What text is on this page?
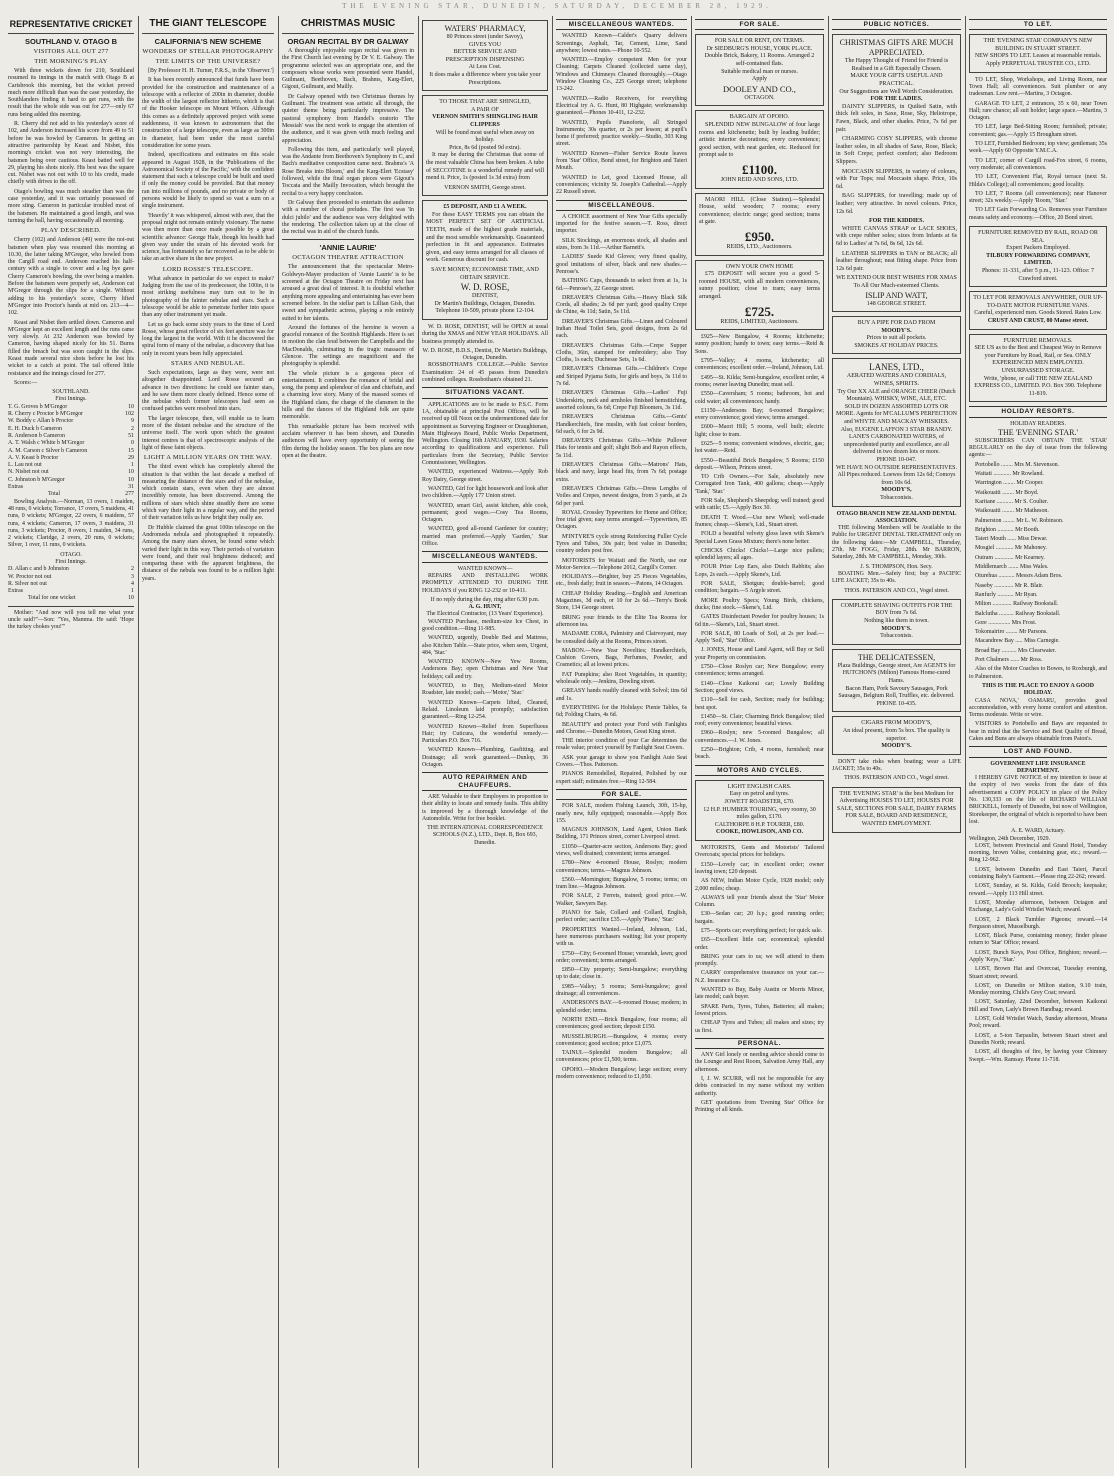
THE EVENING STAR, DUNEDIN, SATURDAY, DECEMBER 28, 1929.
REPRESENTATIVE CRICKET
SOUTHLAND V. OTAGO B
VISITORS ALL OUT 277
THE MORNING'S PLAY

With three wickets down for 210, Southland resumed its innings in the match with Otago B at Carisbrook this morning, but the wicket proved much more difficult than was the case yesterday, the Southlanders finding it hard to get runs, with the result that the whole side was out for 277—only 67 runs being added this morning.

R. Cherry did not add to his yesterday's score of 102, and Anderson increased his score from 49 to 51 before he was bowled by Cameron. In getting an attractive partnership by Keast and Nisbet, this morning's cricket was not very interesting, the batsmen being over cautious. Keast batted well for 29, playing his shots nicely. His best was the square cut. Nisbet was not out with 10 to his credit, made chiefly with drives to the off.

Otago's bowling was much steadier than was the case yesterday, and it was certainly possessed of more sting. Cameron in particular troubled most of the batsmen. He maintained a good length, and was turning the ball, having occasionally all morning.

PLAY DESCRIBED.

Cherry (102) and Anderson (49) were the not-out batsmen when play was resumed this morning at 10.30, the latter taking M'Gregor, who bowled from the Cargill road end. Anderson reached his half-century with a single to cover and a leg bye gave Cherry Cameron's bowling, the over being a maiden. Before the batsmen were properly set, Anderson cut M'Gregor through the slips for a single. Without adding to his yesterday's score, Cherry lifted M'Gregor into Proctor's hands at mid on. 213—4—102.

Keast and Nisbet then settled down. Cameron and M'Gregor kept an excellent length and the runs came very slowly. At 232 Anderson was bowled by Cameron, having shaped nicely for his 51. Burns filled the breach but was soon caught in the slips. Keast made several nice shots before he lost his wicket to a catch at point. The tail offered little resistance and the innings closed for 277.

Scores:—

SOUTHLAND.
First Innings.
T. G. Groves b M'Gregor	10
R. Cherry c Proctor b M'Gregor	102
W. Boddy c Allan b Proctor	9
E. H. Duck b Cameron	2
R. Anderson b Cameron	51
A. T. Walsh c White b M'Gregor	0
A. M. Carson c Silver b Cameron	15
A. V. Keast b Proctor	29
L. Lau not out	1
N. Nisbet not out	10
C. Johnston b M'Gregor	10
Extras	31
Total	277

Bowling Analysis.—Norman, 13 overs, 1 maiden, 48 runs, 0 wickets; Torrance, 17 overs, 5 maidens, 41 runs, 0 wickets; M'Gregor, 22 overs, 6 maidens, 57 runs, 4 wickets; Cameron, 17 overs, 3 maidens, 31 runs, 3 wickets; Proctor, 8 overs, 1 maiden, 34 runs, 2 wickets; Claridge, 2 overs, 20 runs, 0 wickets; Silver, 1 over, 11 runs, 0 wickets.

OTAGO.
First Innings.
D. Allan c and b Johnston	2
W. Proctor not out	3
R. Silver not out	4
Extras	1
Total for one wicket	10

Mother: "And now will you tell me what your uncle said?"—Son: "Yes, Mamma. He said: 'Hope the turkey chokes you!'"

THE GIANT TELESCOPE
CALIFORNIA'S NEW SCHEME
WONDERS OF STELLAR PHOTOGRAPHY
THE LIMITS OF THE UNIVERSE?

[By Professor H. H. Turner, F.R.S., in the 'Observer.']

It has been recently announced that funds have been provided for the construction and maintenance of a telescope with a reflector of 200in in diameter, double the width of the largest reflector hitherto, which is that of the Hooker telescope on Mount Wilson. Although this comes as a definitely approved project with some suddenness, it was known to astronomers that the construction of a large telescope, even as large as 300in in diameter, had been under the most careful consideration for some years.

Indeed, specifications and estimates on this scale appeared in August 1928, in the 'Publications of the Astronomical Society of the Pacific,' with the confident statement that such a telescope could be built and used if only the money could be provided. But that money ran into millions of pounds, and no private or body of persons would be likely to spend so vast a sum on a single instrument.

'Heavily' it was whispered, almost with awe, that the proposal might not remain entirely visionary. The name was then more than once made possible by a great scientific advance: George Hale, though his health had given way under the strain of his devoted work for science, has fortunately so far recovered as to be able to take an active share in the new project.

LORD ROSSE'S TELESCOPE.

What advance in particular do we expect to make? Judging from the use of its predecessor, the 100in, it is most striking usefulness may turn out to be in photography of the fainter nebulae and stars. Such a telescope would be able to penetrate further into space than any other instrument yet made.

Let us go back some sixty years to the time of Lord Rosse, whose great reflector of six feet aperture was for long the largest in the world. With it he discovered the spiral form of many of the nebulae, a discovery that has only in recent years been fully appreciated.

STARS AND NEBULAE.

Such expectations, large as they were, were not altogether disappointed. Lord Rosse secured an advance in two directions: he could see fainter stars, and he saw them more clearly defined. Hence some of the nebulae which former telescopes had seen as confused patches were resolved into stars.

The larger telescope, then, will enable us to learn more of the distant nebulae and the structure of the universe itself. The work upon which the greatest interest centres is that of spectroscopic analysis of the light of these faint objects.

LIGHT A MILLION YEARS ON THE WAY.

The third event which has completely altered the situation is that within the last decade a method of measuring the distance of the stars and of the nebulae, which contain stars, even when they are almost incredibly remote, has been discovered. Among the millions of stars which shine steadily there are some which vary their light in a regular way, and the period of their variation tells us how bright they really are.

Dr Hubble claimed the great 100in telescope on the Andromeda nebula and photographed it repeatedly. Among the many stars shown, he found some which varied their light in this way. Their periods of variation were found, and their real brightness deduced; and comparing these with the apparent brightness, the distance of the nebula was found to be a million light years.

CHRISTMAS MUSIC
ORGAN RECITAL BY DR GALWAY

A thoroughly enjoyable organ recital was given in the First Church last evening by Dr V. E. Galway. The programme selected was an appropriate one, and the composers whose works were presented were Handel, Guilmant, Beethoven, Bach, Brahms, Karg-Elert, Gigout, Guilmant, and Mailly.

Dr Galway opened with two Christmas themes by Guilmant. The treatment was artistic all through, the quieter theme being particularly impressive. The pastoral symphony from Handel's oratorio 'The Messiah' was the next work to engage the attention of the audience, and it was given with much feeling and appreciation.

Following this item, and particularly well played, was the Andante from Beethoven's Symphony in C, and Bach's meditative composition came next. Brahms's 'A Rose Breaks into Bloom,' and the Karg-Elert 'Ecstasy' followed, while the final organ pieces were Gigout's Toccata and the Mailly Invocation, which brought the recital to a very happy conclusion.

Dr Galway then proceeded to entertain the audience with a number of choral preludes. The first was 'In dulci jubilo' and the audience was very delighted with the rendering. The collection taken up at the close of the recital was in aid of the church funds.

'ANNIE LAURIE'
OCTAGON THEATRE ATTRACTION

The announcement that the spectacular Metro-Goldwyn-Mayer production of 'Annie Laurie' is to be screened at the Octagon Theatre on Friday next has aroused a great deal of interest. It is doubtful whether anything more appealing and entertaining has ever been screened before. In the stellar part is Lillian Gish, that sweet and sympathetic actress, playing a role entirely suited to her talents.

Around the fortunes of the heroine is woven a graceful romance of the Scottish Highlands. Here is set in motion the clan feud between the Campbells and the MacDonalds, culminating in the tragic massacre of Glencoe. The settings are magnificent and the photography is splendid.

The whole picture is a gorgeous piece of entertainment. It combines the romance of bridal and song, the pomp and splendour of clan and chieftain, and a charming love story. Many of the massed scenes of the Highland clans, the charge of the clansmen in the hills and the dances of the Highland folk are quite memorable.

This remarkable picture has been received with acclaim wherever it has been shown, and Dunedin audiences will have every opportunity of seeing the film during the holiday season. The box plans are now open at the theatre.

WATERS' PHARMACY,
80 Princes street (under Savoy),
GIVES YOU
BETTER SERVICE AND
PRESCRIPTION DISPENSING
At Less Cost.
It does make a difference where you take your Prescriptions.
TO THOSE THAT ARE SHINGLED,
A PAIR OF
VERNON SMITH'S SHINGLING HAIR CLIPPERS
Will be found most useful when away on holiday.
Price, 8s 6d (posted 9d extra).

It may be during the Christmas that some of the most valuable China has been broken. A tube of SECCOTINE is a wonderful remedy and will mend it. Price, 1s (posted 1s 3d extra) from

VERNON SMITH, George street.
£5 DEPOSIT, AND £1 A WEEK.

For these EASY TERMS you can obtain the MOST PERFECT SET OF ARTIFICIAL TEETH, made of the highest grade materials, and the most sensible workmanship. Guaranteed perfection in fit and appearance. Estimates given, and easy terms arranged for all classes of work. Generous discount for cash.

SAVE MONEY; ECONOMISE TIME, AND OBTAIN SERVICE.
W. D. ROSE,
DENTIST,
Dr Martin's Buildings, Octagon, Dunedin. Telephone 10-509, private phone 12-104.

W. D. ROSE, DENTIST, will be OPEN at usual during the XMAS and NEW YEAR HOLIDAYS. All business promptly attended to.

W. D. ROSE, B.D.S., Dentist, Dr Martin's Buildings, Octagon, Dunedin.

ROSSBOTHAM'S COLLEGE.—Public Service Examination: 24 of 45 passes from Dunedin's combined colleges. Rossbotham's obtained 21.

SITUATIONS VACANT.

APPLICATIONS are to be made to P.S.C. Form 1A, obtainable at principal Post Offices, will be received up till Noon on the undermentioned date for appointment as Surveying Engineer or Draughtsman, Main Highways Board, Public Works Department, Wellington. Closing 16th JANUARY, 1930. Salaries according to qualifications and experience. Full particulars from the Secretary, Public Service Commissioner, Wellington.

WANTED, experienced Waitress.—Apply Rob Roy Dairy, George street.

WANTED, Girl for light housework and look after two children.—Apply 177 Union street.

WANTED, smart Girl, assist kitchen, able cook, permanent; good wages.—Cosy Tea Rooms, Octagon.

WANTED, good all-round Gardener for country; married man preferred.—Apply 'Garden,' Star Office.

MISCELLANEOUS WANTEDS.
WANTED KNOWN—

REPAIRS AND INSTALLING WORK PROMPTLY ATTENDED TO DURING THE HOLIDAYS if you RING 12-232 or 10-411.

If no reply during the day, ring after 6.30 p.m.
A. G. HUNT,
The Electrical Contractor, (13 Years' Experience).

WANTED Purchase, medium-size Ice Chest, in good condition.—Ring 11-985.

WANTED, urgently, Double Bed and Mattress, also Kitchen Table.—State price, when seen, Urgent, 484, 'Star.'

WANTED KNOWN—New Yew Rooms, Andersons Bay; open Christmas and New Year holidays; call and try.

WANTED, to Buy, Medium-sized Motor Roadster, late model; cash.—'Motor,' 'Star.'

WANTED Known—Carpets lifted, Cleaned, Relaid. Linoleum laid promptly; satisfaction guaranteed.—Ring 12-254.

WANTED Known—Relief from Superfluous Hair; try Cuticura, the wonderful remedy.—Particulars P.O. Box 716.

WANTED Known—Plumbing, Gasfitting, and Drainage; all work guaranteed.—Dunlop, 36 Octagon.

AUTO REPAIRMEN AND CHAUFFEURS.

ARE Valuable to their Employers in proportion to their ability to locate and remedy faults. This ability is improved by a thorough knowledge of the Automobile. Write for free booklet.

THE INTERNATIONAL CORRESPONDENCE SCHOOLS (N.Z.), LTD., Dept. B, Box 693, Dunedin.
MISCELLANEOUS WANTEDS.

WANTED Known—Calder's Quarry delivers Screenings, Asphalt, Tar, Cement, Lime, Sand anywhere; lowest rates.—Phone 10-552.

WANTED.—Employ competent Men for your Cleaning; Carpets Cleaned (collected same day), Windows and Chimneys Cleaned thoroughly.—Otago Window Cleaning Co., 225 George street; telephone 13-242.

WANTED.—Radio Receivers, for everything Electrical try A. G. Hunt, 80 Highgate; workmanship guaranteed.—Phones 10-411, 12-232.

WANTED, Pupils Pianoforte, all Stringed Instruments; 30s quarter, or 2s per lesson; at pupil's home if preferred; practice weekly.—Studio, 303 King street.

WANTED Known—Fisher Service Route leaves from 'Star' Office, Bond street, for Brighton and Taieri Mouth.

WANTED to Let, good Licensed House, all conveniences; vicinity St. Joseph's Cathedral.—Apply 22 Russell street.

MISCELLANEOUS.

A CHOICE assortment of New Year Gifts specially imported for the festive season.—T. Ross, direct importer.

SILK Stockings, an enormous stock, all shades and sizes, from 3s 11d.—Arthur Barnett's.

LADIES' Suede Kid Gloves; very finest quality, good imitations of silver, black and new shades.—Penrose's.

BATHING Caps, thousands to select from at 1s, 1s 6d.—Penrose's, 22 George street.

DREAVER'S Christmas Gifts.—Heavy Black Silk Cords, all shades; 2s 6d per yard; good quality Crepe de Chine, 4s 11d; Satin, 5s 11d.

DREAVER'S Christmas Gifts.—Linen and Coloured Indian Head Toilet Sets, good designs, from 2s 6d each.

DREAVER'S Christmas Gifts.—Crepe Supper Cloths, 36in, stamped for embroidery; also Tray Cloths, 1s each; Duchesse Sets, 1s 6d.

DREAVER'S Christmas Gifts.—Children's Crepe and Striped Pyjama Suits, for girls and boys, 3s 11d to 7s 6d.

DREAVER'S Christmas Gifts.—Ladies' Fuji Underskirts, neck and armholes finished hemstitching, assorted colours, 6s 6d; Crepe Fuji Bloomers, 3s 11d.

DREAVER'S Christmas Gifts.—Gents' Handkerchiefs, fine muslin, with fast colour borders, 6d each, 6 for 2s 9d.

DREAVER'S Christmas Gifts.—White Pullover Hats for tennis and golf; slight Bob and Rayon effects, 5s 11d.

DREAVER'S Christmas Gifts.—Matrons' Hats, black and navy, large head fits, from 7s 6d; postage extra.

DREAVER'S Christmas Gifts.—Dress Lengths of Voiles and Crepes, newest designs, from 3 yards, at 2s 6d per yard.

ROYAL Crossley Typewriters for Home and Office; free trial given; easy terms arranged.—Typewriters, 85 Octagon.

M'INTYRE'S cycle strong Reinforcing Fuller Cycle Tyres and Tubes, 30s pair; best value in Dunedin; country orders post free.

MOTORISTS for Waitati and the North, use our Motor-Service.—Telephone 2012, Cargill's Corner.

HOLIDAYS.—Brighter, buy 25 Pieces Vegetables, etc., fresh daily; fruit in season.—Patons, 14 Octagon.

CHEAP Holiday Reading.—English and American Magazines, 3d each, or 10 for 2s 6d.—Terry's Book Store, 134 George street.

BRING your friends to the Elite Tea Rooms for afternoon tea.

MADAME CORA, Palmistry and Clairvoyant, may be consulted daily at the Rooms, Princes street.

MABON.—New Year Novelties; Handkerchiefs, Cushion Covers, Bags, Perfumes, Powder, and Cosmetics; all at lowest prices.

FAT Pumpkins; also Root Vegetables, in quantity; wholesale only.—Jenkins, Dowling street.

GREASY hands readily cleaned with Solvol; tins 6d and 1s.

EVERYTHING for the Holidays: Pienie Tables, 6s 6d; Folding Chairs, 4s 6d.

BEAUTIFY and protect your Ford with Fanlights and Chrome.—Dunedin Motors, Great King street.

THE interior condition of your Car determines the resale value; protect yourself by Fanlight Seat Covers.

ASK your garage to show you Fanlight Auto Seat Covers.—Thos. Patterson.

PIANOS Remodelled, Repaired, Polished by our expert staff; estimates free.—Ring 12-584.

FOR SALE.

FOR SALE, modern Fishing Launch, 30ft, 15-hp, nearly new, fully equipped; reasonable.—Apply Box 155.

MAGNUS JOHNSON, Land Agent, Union Bank Building, 171 Princes street, corner Liverpool street.

£1050—Quarter-acre section, Andersons Bay; good views, well drained; convenient; terms arranged.

£780—New 4-roomed House, Roslyn; modern conveniences; terms.—Magnus Johnson.

£560.—Mornington; Bungalow, 5 rooms; terms; on tram line.—Magnus Johnson.

FOR SALE, 2 Ferrets, trained; good price.—W. Walker, Sawyers Bay.

PIANO for Sale, Collard and Collard, English, perfect order; sacrifice £35.—Apply 'Piano,' 'Star.'

PROPERTIES Wanted.—Ireland, Johnson, Ltd., have numerous purchasers waiting; list your property with us.

£750—City; 6-roomed House; verandah, lawn; good order; convenient; terms arranged.

£850—City property; Semi-bungalow; everything up to date; close in.

£985—Valley; 5 rooms; Semi-bungalow; good drainage; all conveniences.

ANDERSON'S BAY.—6-roomed House; modern; in splendid order; terms.

NORTH END.—Brick Bungalow, four rooms; all conveniences; good section; deposit £150.

MUSSELBURGH.—Bungalow, 4 rooms; every convenience; good section; price £1,075.

TAINUI.—Splendid modern Bungalow; all conveniences; price £1,500; terms.

OPOHO.—Modern Bungalow; large section; every modern convenience; reduced to £1,050.

FOR SALE.
FOR SALE OR RENT, ON TERMS.
Dr SIEDBURG'S HOUSE, YORK PLACE.
Double Brick, Bakery, 11 Rooms. Arranged 2 self-contained flats.
Suitable medical man or nurses.
Apply
DOOLEY AND CO.,
OCTAGON.
BARGAIN AT OPOHO.

SPLENDID NEW BUNGALOW of four large rooms and kitchenette; built by leading builder; artistic interior decorations; every convenience; good section, with neat garden, etc. Reduced for prompt sale to

£1100.
JOHN REID AND SONS, LTD.

MAORI HILL (Close Station).—Splendid House, solid wooden; 7 rooms; every convenience; electric range; good section; trams at gate.

£950.
REIDS, LTD., Auctioneers.
OWN YOUR OWN HOME

£75 DEPOSIT will secure you a good 5-roomed HOUSE, with all modern conveniences, sunny position; close to tram; easy terms arranged.

£725.
REIDS, LIMITED, Auctioneers.

£925—New Bungalow, 4 Rooms; kitchenette; sunny position; handy to town; easy terms.—Reid & Sons.

£795—Valley; 4 rooms, kitchenette; all conveniences; excellent order.—Ireland, Johnson, Ltd.

£495—St. Kilda; Semi-bungalow, excellent order, 4 rooms; owner leaving Dunedin; must sell.

£550—Caversham; 5 rooms; bathroom, hot and cold water; all conveniences; handy.

£1150—Andersons Bay; 6-roomed Bungalow; every convenience; good views; terms arranged.

£600—Maori Hill; 5 rooms, well built; electric light; close to tram.

£625—5 rooms; convenient windows, electric, gas; hot water.—Reid.

£550—Beautiful Brick Bungalow, 5 Rooms; £150 deposit.—Wilson, Princes street.

TO Crib Owners.—For Sale, absolutely new Corrugated Iron Tank, 400 gallons; cheap.—Apply 'Tank,' 'Star.'

FOR Sale, Shepherd's Sheepdog; well trained; good with cattle; £5.—Apply Box 30.

DEATH T. Wood.—Use new Wheel; well-made frames; cheap.—Skene's, Ltd., Stuart street.

FOLD a beautiful velvety gloss lawn with Skene's Special Lawn Grass Mixture; there's none better.

CHICKS Chicks! Chicks!—Large nice pullets; splendid layers; all ages.

FOUR Prize Lop Ears, also Dutch Rabbits; also Lops, 2s each.—Apply Skene's, Ltd.

FOR SALE, Shotgun; double-barrel; good condition; bargain.—5 Argyle street.

MORE Poultry Specs; Young Birds, chickens, ducks; fine stock.—Skene's, Ltd.

GATES Disinfectant Powder for poultry houses; 1s 6d tin.—Skene's, Ltd., Stuart street.

FOR SALE, 80 Loads of Soil, at 2s per load.—Apply 'Soil,' 'Star' Office.

J. JONES, House and Land Agent, will Buy or Sell your Property on commission.

£750—Close Roslyn car; New Bungalow; every convenience; terms arranged.

£140—Close Kaikorai car; Lovely Building Section; good views.

£110—Sell for cash, Section; ready for building; best spot.

£1450—St. Clair; Charming Brick Bungalow; tiled roof; every convenience; beautiful views.

£960—Roslyn; new 5-roomed Bungalow; all conveniences.—J. W. Jones.

£250—Brighton; Crib, 4 rooms, furnished; near beach.

MOTORS AND CYCLES.
LIGHT ENGLISH CARS.
Easy on petrol and tyres.
JOWETT ROADSTER, £70.
12 H.P. HUMBER TOURING, very roomy, 30 miles gallon, £170.
CALTHORPE 8 H.P. TOURER, £80.
COOKE, HOWLISON, AND CO.

MOTORISTS, Gents and Motorists' Tailored Overcoats; special prices for holidays.

£150—Lovely car; in excellent order; owner leaving town; £20 deposit.

AS NEW, Indian Motor Cycle, 1928 model; only 2,000 miles; cheap.

ALWAYS tell your friends about the 'Star' Motor Column.

£30—Sedan car; 20 h.p.; good running order; bargain.

£75—Sports car; everything perfect; for quick sale.

£65—Excellent little car; economical; splendid order.

BRING your cars to us; we will attend to them promptly.

CARRY comprehensive insurance on your car.—N.Z. Insurance Co.

WANTED to Buy, Baby Austin or Morris Minor, late model; cash buyer.

SPARE Parts, Tyres, Tubes, Batteries; all makes; lowest prices.

CHEAP Tyres and Tubes; all makes and sizes; try us first.

PERSONAL.

ANY Girl lonely or needing advice should come to the Lounge and Rest Room, Salvation Army Hall, any afternoon.

I, J. W. SCURR, will not be responsible for any debts contracted in my name without my written authority.

GET quotations from 'Evening Star' Office for Printing of all kinds.

PUBLIC NOTICES.
CHRISTMAS GIFTS ARE MUCH APPRECIATED.
The Happy Thought of Friend for Friend is Realised in a Gift Especially Chosen.
MAKE YOUR GIFTS USEFUL AND PRACTICAL.
Our Suggestions are Well Worth Consideration.
FOR THE LADIES.

DAINTY SLIPPERS, in Quilted Satin, with thick felt soles, in Saxe, Rose, Sky, Heliotrope, Fawn, Black, and other shades. Price, 7s 6d per pair.

CHARMING COSY SLIPPERS, with chrome leather soles, in all shades of Saxe, Rose, Black; in Soft Crepe; perfect comfort; also Bedroom Slippers.

MOCCASIN SLIPPERS, in variety of colours, with Fur Tops; real Moccasin shape. Price, 10s 6d.

BAG SLIPPERS, for travelling; made up of leather; very attractive. In novel colours. Price, 12s 6d.

FOR THE KIDDIES.

WHITE CANVAS STRAP or LACE SHOES, with crepe rubber soles; sizes from Infants at 6s 6d to Ladies' at 7s 6d, 8s 6d, 12s 6d.

LEATHER SLIPPERS in TAN or BLACK; all leather throughout; neat fitting shape. Price from 12s 6d pair.

WE EXTEND OUR BEST WISHES FOR XMAS
To All Our Much-esteemed Clients.
ISLIP AND WATT,
148 GEORGE STREET.
BUY A PIPE FOR DAD FROM
MOODY'S.
Prices to suit all pockets.
SMOKES AT HOLIDAY PRICES.
LANES, LTD.,
AERATED WATERS AND CORDIALS, WINES, SPIRITS.
Try Our XX ALE and ORANGE CHEER (Dutch Mountain). WHISKY, WINE, ALE, ETC.
SOLD IN DOZEN ASSORTED LOTS OR MORE. Agents for M'CALLUM'S PERFECTION and WHYTE AND MACKAY WHISKIES.
Also, EUGENE LAFFON 3 STAR BRANDY.
LANE'S CARBONATED WATERS, of unprecedented purity and excellence, are all delivered in two dozen lots or more.
PHONE 10-047.
WE HAVE NO OUTSIDE REPRESENTATIVES.
All Pipes reduced. Loewes from 12s 6d; Comoys from 10s 6d.
MOODY'S,
Tobacconists.
OTAGO BRANCH NEW ZEALAND DENTAL ASSOCIATION.

THE following Members will be Available to the Public for URGENT DENTAL TREATMENT only on the following dates:—Mr CAMPBELL, Thursday, 27th. Mr FOGG, Friday, 28th. Mr BARRON, Saturday, 28th. Mr CAMPBELL, Monday, 30th.

J. S. THOMPSON, Hon. Secy.

BOATING Men.—Safety first; buy a PACIFIC LIFE JACKET; 35s to 40s.

THOS. PATERSON AND CO., Vogel street.
COMPLETE SHAVING OUTFITS FOR THE BOY from 7s 6d.
Nothing like them in town.
MOODY'S.
Tobacconists.
THE DELICATESSEN,
Plaza Buildings, George street, Are AGENTS for HUTCHON'S (Milton) Famous Home-cured Hams.
Bacon Ham, Pork Savoury Sausages, Pork Sausages, Belgium Roll, Truffles, etc. delivered. PHONE 10-435.
CIGARS FROM MOODY'S,
An ideal present, from 5s box. The quality is superior.
MOODY'S.

DON'T take risks when boating; wear a LIFE JACKET; 35s to 40s.

THOS. PATERSON AND CO., Vogel street.
THE 'EVENING STAR' is the best Medium for Advertising HOUSES TO LET, HOUSES FOR SALE, SECTIONS FOR SALE, DAIRY FARMS FOR SALE, BOARD AND RESIDENCE, WANTED EMPLOYMENT.
TO LET.
THE 'EVENING STAR' COMPANY'S NEW BUILDING IN STUART STREET.
NEW SHOPS TO LET. Leases at reasonable rentals.
Apply PERPETUAL TRUSTEE CO., LTD.

TO LET, Shop, Workshops, and Living Room, near Town Hall; all conveniences. Suit plumber or any tradesman. Low rent.—Martins, 3 Octagon.

GARAGE TO LET, 2 entrances, 35 x 60, near Town Hall; rare chance; all suit holder; large space.—Martins, 3 Octagon.

TO LET, large Bed-Sitting Room; furnished; private; convenient; gas.—Apply 15 Brougham street.

TO LET, Furnished Bedroom; top view; gentleman; 35s week.—Apply 60 Opposite Y.M.C.A.

TO LET, corner of Cargill road-Fox street, 6 rooms, very moderate; all conveniences.

TO LET, Convenient Flat, Royal terrace (next St. Hilda's College); all conveniences; good locality.

TO LET, 7 Rooms (all conveniences); near Hanover street; 32s weekly.—Apply 'Room,' 'Star.'

TO LET Gain Forwarding Co. Removes your Furniture means safety and economy.—Office, 20 Bond street.

FURNITURE REMOVED BY RAIL, ROAD OR SEA.
Expert Packers Employed.
TILBURY FORWARDING COMPANY, LIMITED.
Phones: 11-331, after 5 p.m., 11-123. Office: 7 Crawford street.
TO LET FOR REMOVALS ANYWHERE, OUR UP-TO-DATE MOTOR FURNITURE VANS.
Careful, experienced men. Goods Stored. Rates Low.
CRUST AND CRUST, 80 Manse street.
FURNITURE REMOVALS.
SEE US as to the Best and Cheapest Way to Remove your Furniture by Road, Rail, or Sea. ONLY EXPERIENCED MEN EMPLOYED. UNSURPASSED STORAGE.
Write, 'phone, or call THE NEW ZEALAND EXPRESS CO., LIMITED. P.O. Box 390. Telephone 11-819.
HOLIDAY RESORTS.
HOLIDAY READERS.
THE 'EVENING STAR.'

SUBSCRIBERS CAN OBTAIN THE 'STAR' REGULARLY on the day of issue from the following agents:—

Portobello ........ Mrs M. Stevenson.

Waitati ............ Mr Rowland.

Warrington ........ Mr Cooper.

Waikouaiti ........ Mr Boyd.

Karitane ........... Mr S. Coulter.

Waikouaiti ........ Mr Matheson.

Palmerston ........ Mr L. W. Robinson.

Brighton ........... Mr Booth.

Taieri Mouth ...... Miss Dewar.

Mosgiel ............ Mr Mahoney.

Outram ............. Mr Kearney.

Middlemarch ....... Miss Wales.

Oturehua ........... Messrs Adam Bros.

Naseby ............. Mr R. Blair.

Ranfurly ........... Mr Ryan.

Milton ............. Railway Bookstall.

Balclutha .......... Railway Bookstall.

Gore ............... Mrs Frost.

Tokomairiro ........ Mr Parsons.

Macandrew Bay ..... Miss Carnegie.

Broad Bay .......... Mrs Clearwater.

Port Chalmers ...... Mr Ross.

Also of the Motor Coaches to Bowes, to Roxburgh, and to Palmerston.

THIS IS THE PLACE TO ENJOY A GOOD HOLIDAY.

CASA NOVA,' OAMARU, provides good accommodation, with every home comfort and attention. Terms moderate. Write or wire.

VISITORS to Portobello and Bays are requested to bear in mind that the Service and Best Quality of Bread, Cakes and Buns are always obtainable from Paton's.

LOST AND FOUND.
GOVERNMENT LIFE INSURANCE DEPARTMENT.

I HEREBY GIVE NOTICE of my intention to issue at the expiry of two weeks from the date of this advertisement a COPY POLICY in place of the Policy No. 130,333 on the life of RICHARD WILLIAM BRICKELL, formerly of Dunedin, but now of Wellington, Storekeeper, the original of which is reported to have been lost.

A. E. WARD, Actuary.
Wellington, 24th December, 1929.

LOST, between Provincial and Grand Hotel, Tuesday morning, brown Valise, containing gear, etc.; reward.—Ring 12-962.

LOST, between Dunedin and East Taieri, Parcel containing Baby's Garment.—Please ring 22-262; reward.

LOST, Sunday, at St. Kilda, Gold Brooch; keepsake; reward.—Apply 113 Hill street.

LOST, Monday afternoon, between Octagon and Exchange, Lady's Gold Wristlet Watch; reward.

LOST, 2 Black Tumbler Pigeons; reward.—14 Ferguson street, Musselburgh.

LOST, Black Purse, containing money; finder please return to 'Star' Office; reward.

LOST, Bunch Keys, Post Office, Brighton; reward.—Apply 'Keys,' 'Star.'

LOST, Brown Hat and Overcoat, Tuesday evening, Stuart street; reward.

LOST, on Dunedin or Milton station, 9.10 train, Monday morning, Child's Grey Coat; reward.

LOST, Saturday, 22nd December, between Kaikorai Hill and Town, Lady's Brown Handbag; reward.

LOST, Gold Wristlet Watch, Sunday afternoon, Moana Pool; reward.

LOST, a 5-ton Tarpaulin, between Stuart street and Dunedin North; reward.

LOST, all thoughts of fire, by having your Chimney Swept.—Wm. Ramsay. Phone 11-718.
